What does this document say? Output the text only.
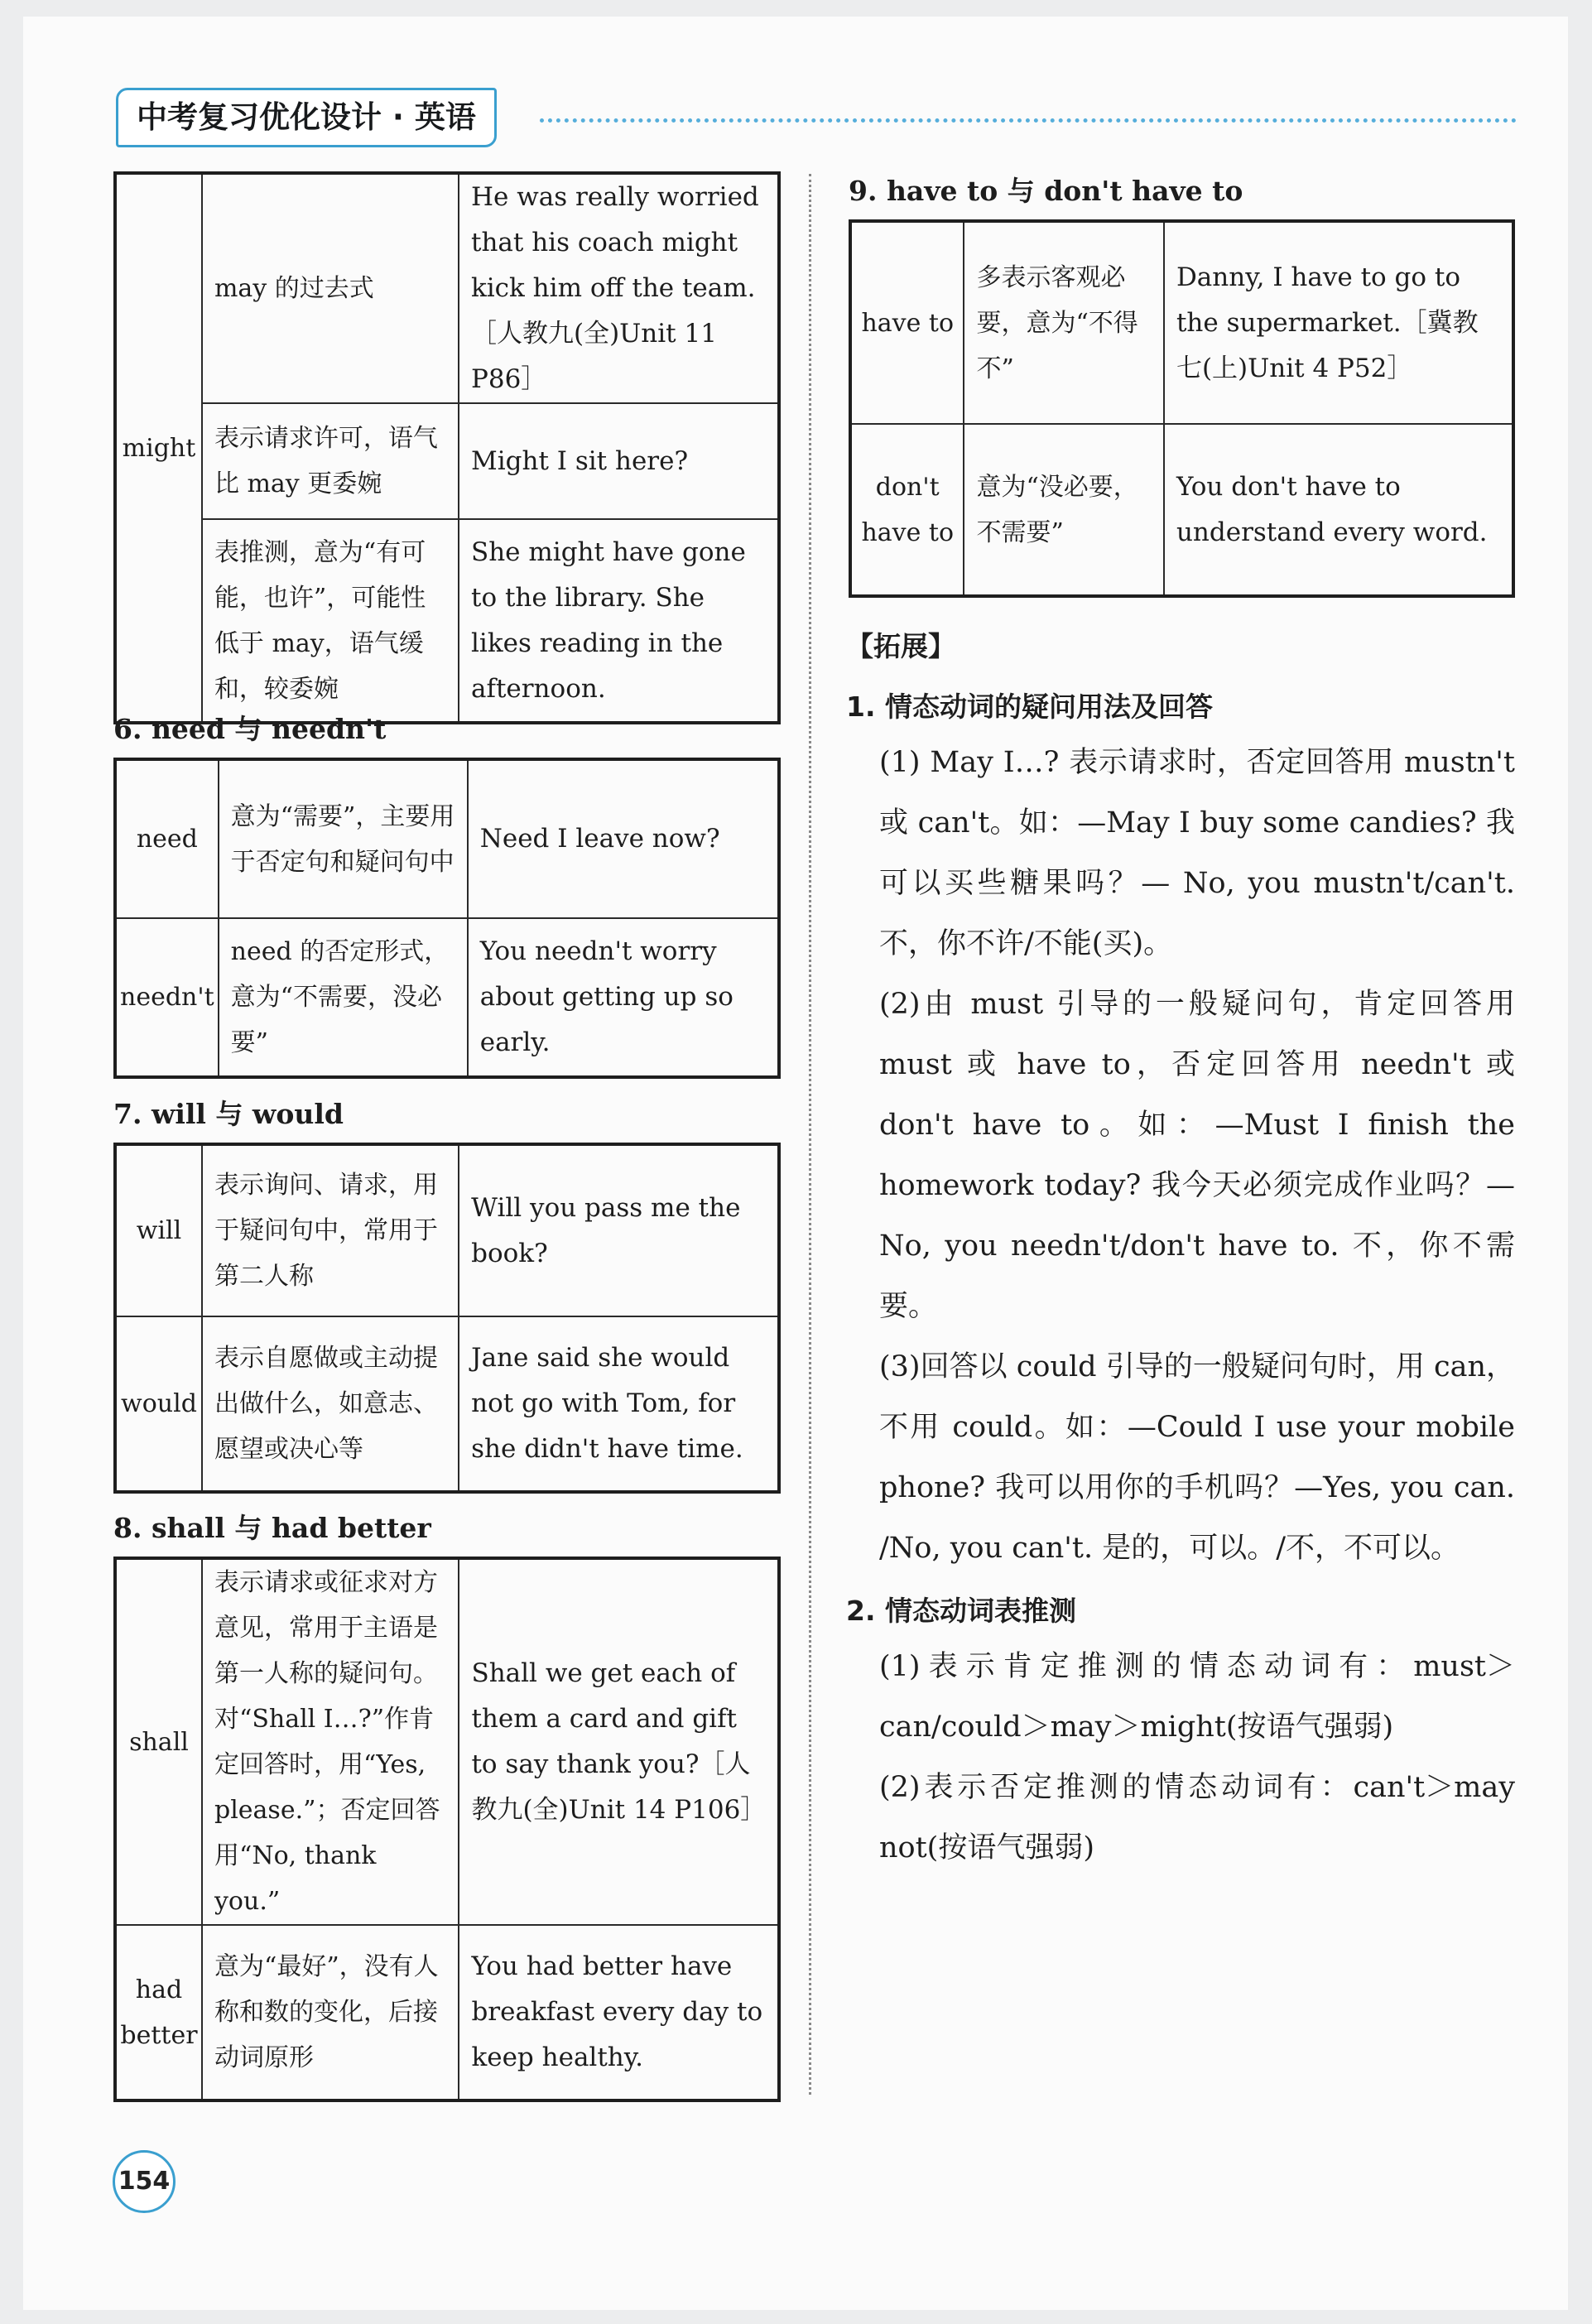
中考复习优化设计 · 英语
might	may 的过去式	He was really worried that his coach might kick him off the team.［人教九(全)Unit 11 P86］
	表示请求许可，语气比 may 更委婉	Might I sit here?
	表推测，意为“有可能，也许”，可能性低于 may，语气缓和，较委婉	She might have gone to the library. She likes reading in the afternoon.
6. need 与 needn't
need	意为“需要”，主要用于否定句和疑问句中	Need I leave now?
needn't	need 的否定形式，意为“不需要，没必要”	You needn't worry about getting up so early.
7. will 与 would
will	表示询问、请求，用于疑问句中，常用于第二人称	Will you pass me the book?
would	表示自愿做或主动提出做什么，如意志、愿望或决心等	Jane said she would not go with Tom, for she didn't have time.
8. shall 与 had better
shall	表示请求或征求对方意见，常用于主语是第一人称的疑问句。对“Shall I…?”作肯定回答时，用“Yes, please.”；否定回答用“No, thank you.”	Shall we get each of them a card and gift to say thank you?［人教九(全)Unit 14 P106］
had better	意为“最好”，没有人称和数的变化，后接动词原形	You had better have breakfast every day to keep healthy.
9. have to 与 don't have to
have to	多表示客观必要，意为“不得不”	Danny, I have to go to the supermarket.［冀教七(上)Unit 4 P52］
don't have to	意为“没必要，不需要”	You don't have to understand every word.
【拓展】
1. 情态动词的疑问用法及回答

(1) May I…? 表示请求时，否定回答用 mustn't 或 can't。如：—May I buy some candies? 我可以买些糖果吗？— No, you mustn't/can't. 不，你不许/不能(买)。

(2)由 must 引导的一般疑问句，肯定回答用 must 或 have to，否定回答用 needn't 或 don't have to。如：—Must I finish the homework today? 我今天必须完成作业吗？—No, you needn't/don't have to. 不，你不需要。

(3)回答以 could 引导的一般疑问句时，用 can，不用 could。如：—Could I use your mobile phone? 我可以用你的手机吗？—Yes, you can. /No, you can't. 是的，可以。/不，不可以。

2. 情态动词表推测

(1)表示肯定推测的情态动词有：must＞can/could＞may＞might(按语气强弱)

(2)表示否定推测的情态动词有：can't＞may not(按语气强弱)

154
